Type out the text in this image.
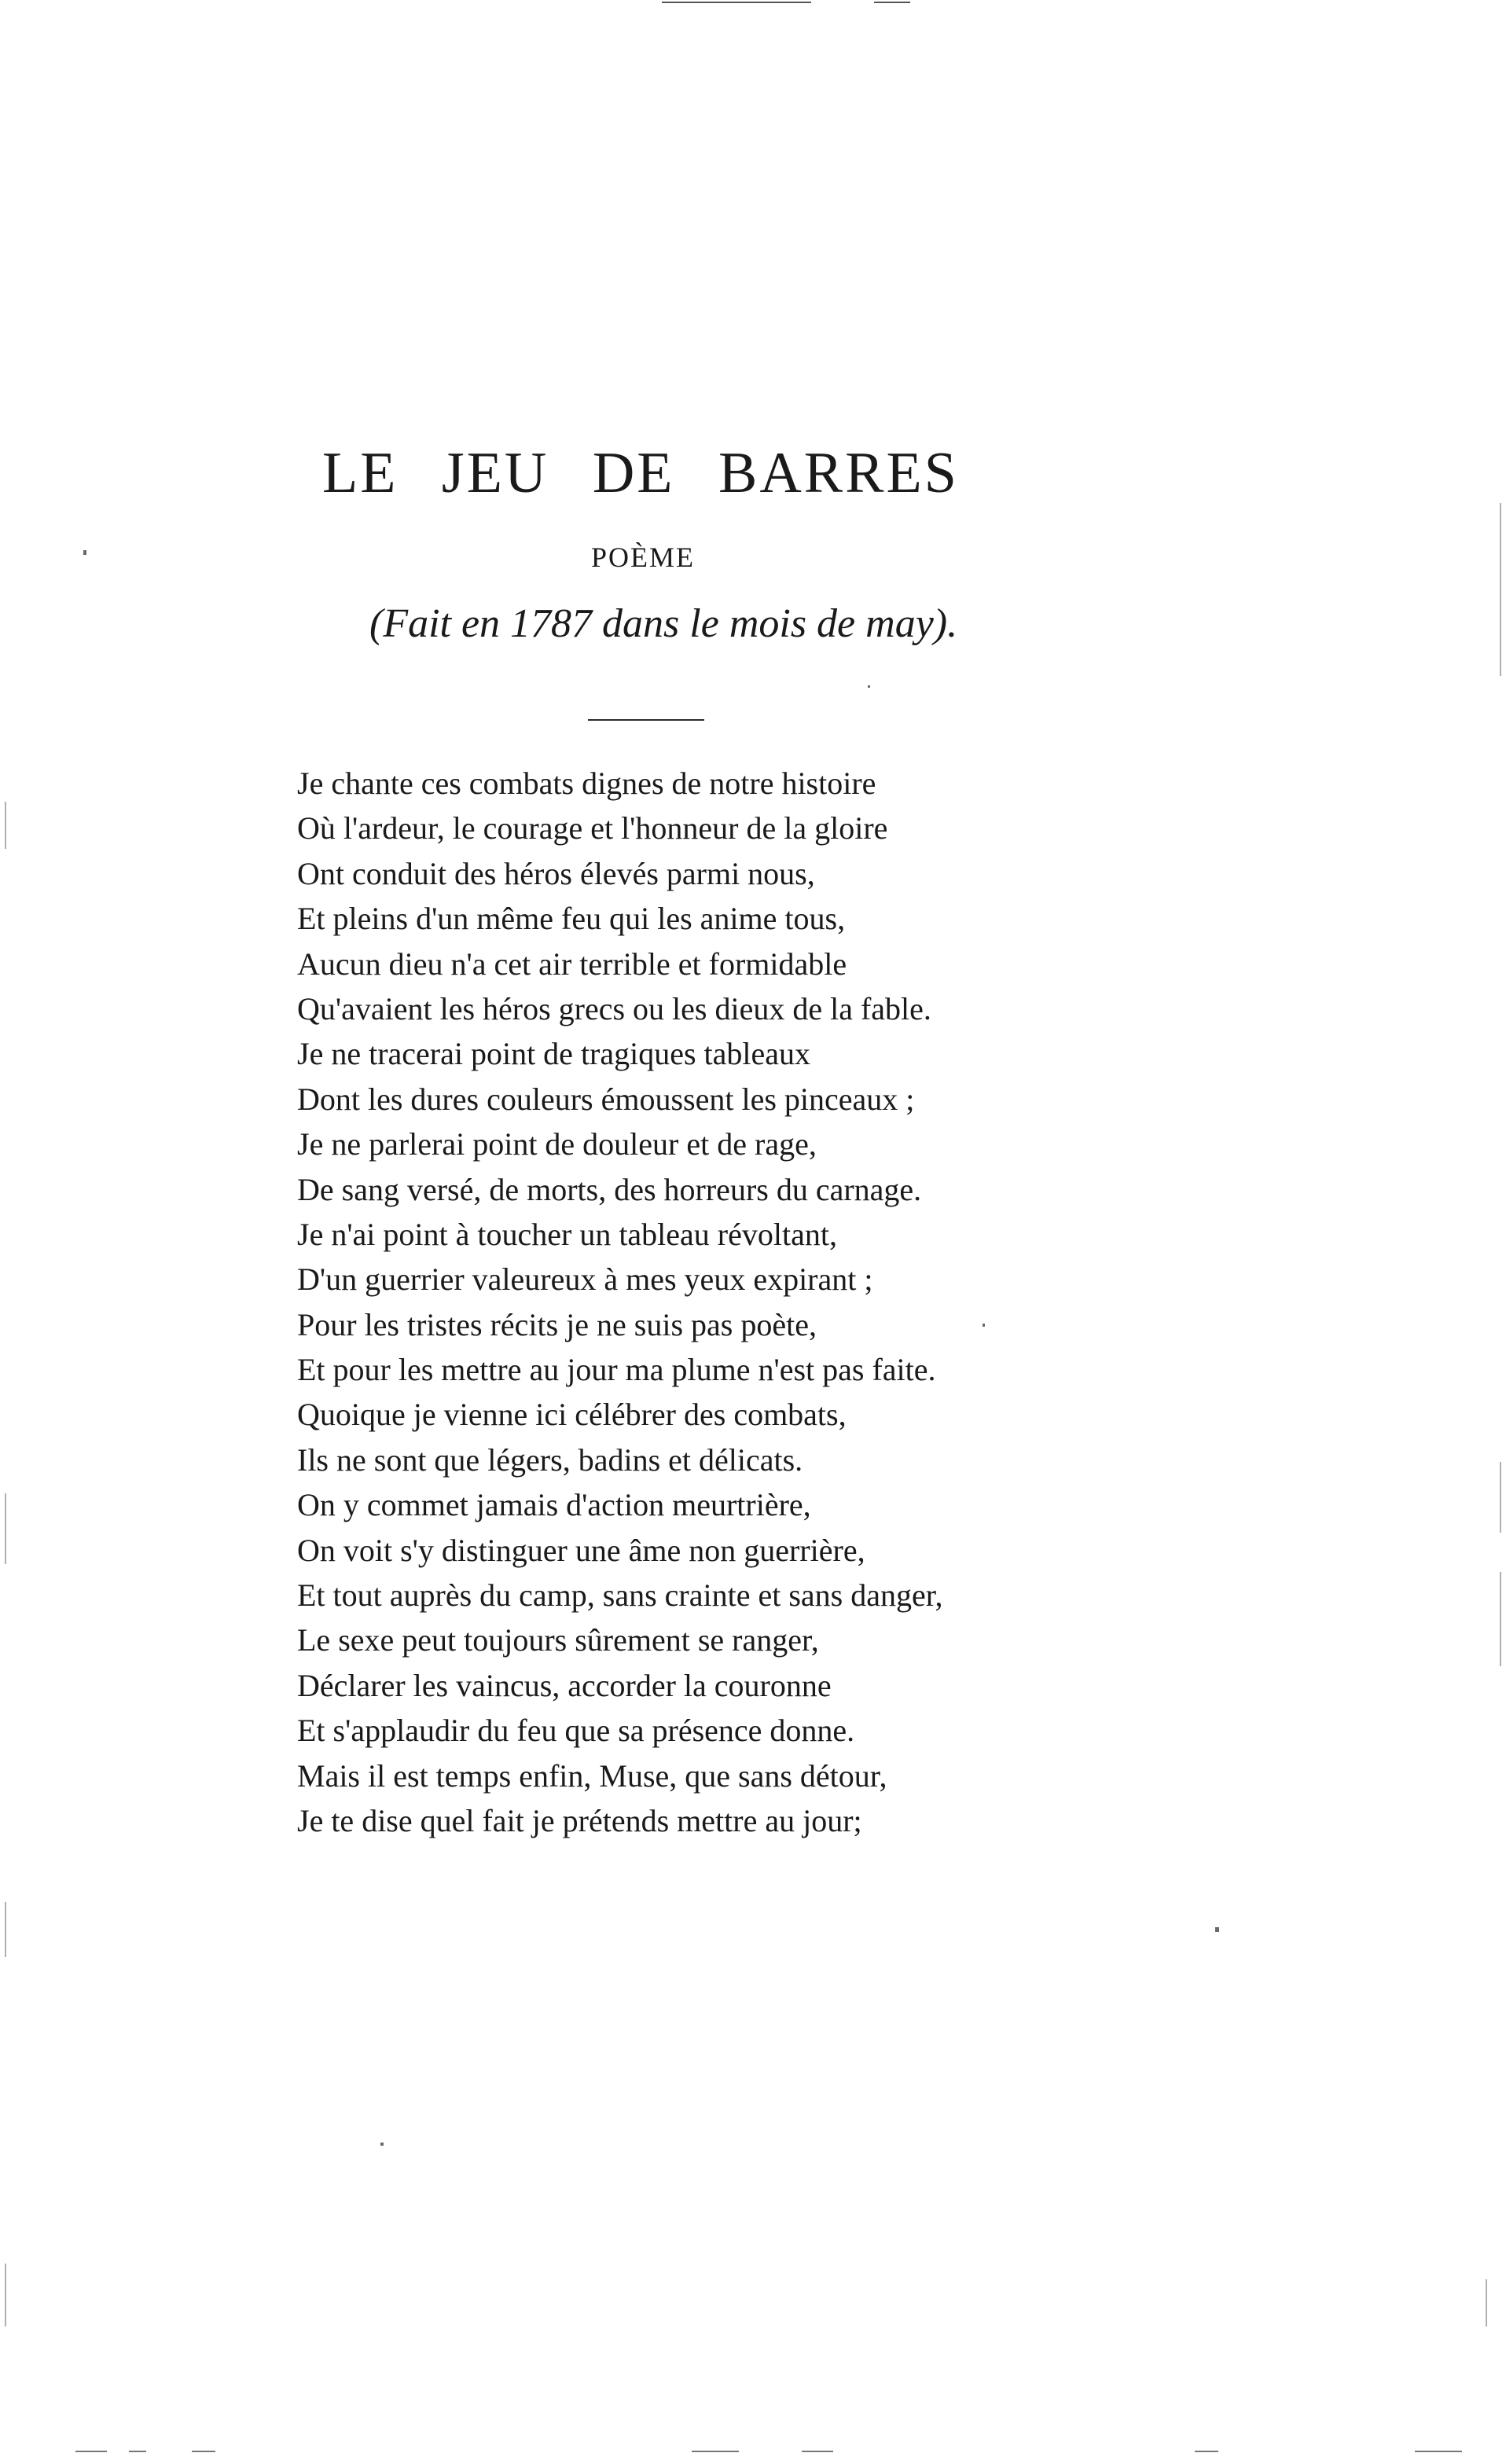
LE JEU DE BARRES
POÈME
(Fait en 1787 dans le mois de may).
Je chante ces combats dignes de notre histoire
Où l'ardeur, le courage et l'honneur de la gloire
Ont conduit des héros élevés parmi nous,
Et pleins d'un même feu qui les anime tous,
Aucun dieu n'a cet air terrible et formidable
Qu'avaient les héros grecs ou les dieux de la fable.
Je ne tracerai point de tragiques tableaux
Dont les dures couleurs émoussent les pinceaux ;
Je ne parlerai point de douleur et de rage,
De sang versé, de morts, des horreurs du carnage.
Je n'ai point à toucher un tableau révoltant,
D'un guerrier valeureux à mes yeux expirant ;
Pour les tristes récits je ne suis pas poète,
Et pour les mettre au jour ma plume n'est pas faite.
Quoique je vienne ici célébrer des combats,
Ils ne sont que légers, badins et délicats.
On y commet jamais d'action meurtrière,
On voit s'y distinguer une âme non guerrière,
Et tout auprès du camp, sans crainte et sans danger,
Le sexe peut toujours sûrement se ranger,
Déclarer les vaincus, accorder la couronne
Et s'applaudir du feu que sa présence donne.
Mais il est temps enfin, Muse, que sans détour,
Je te dise quel fait je prétends mettre au jour;
